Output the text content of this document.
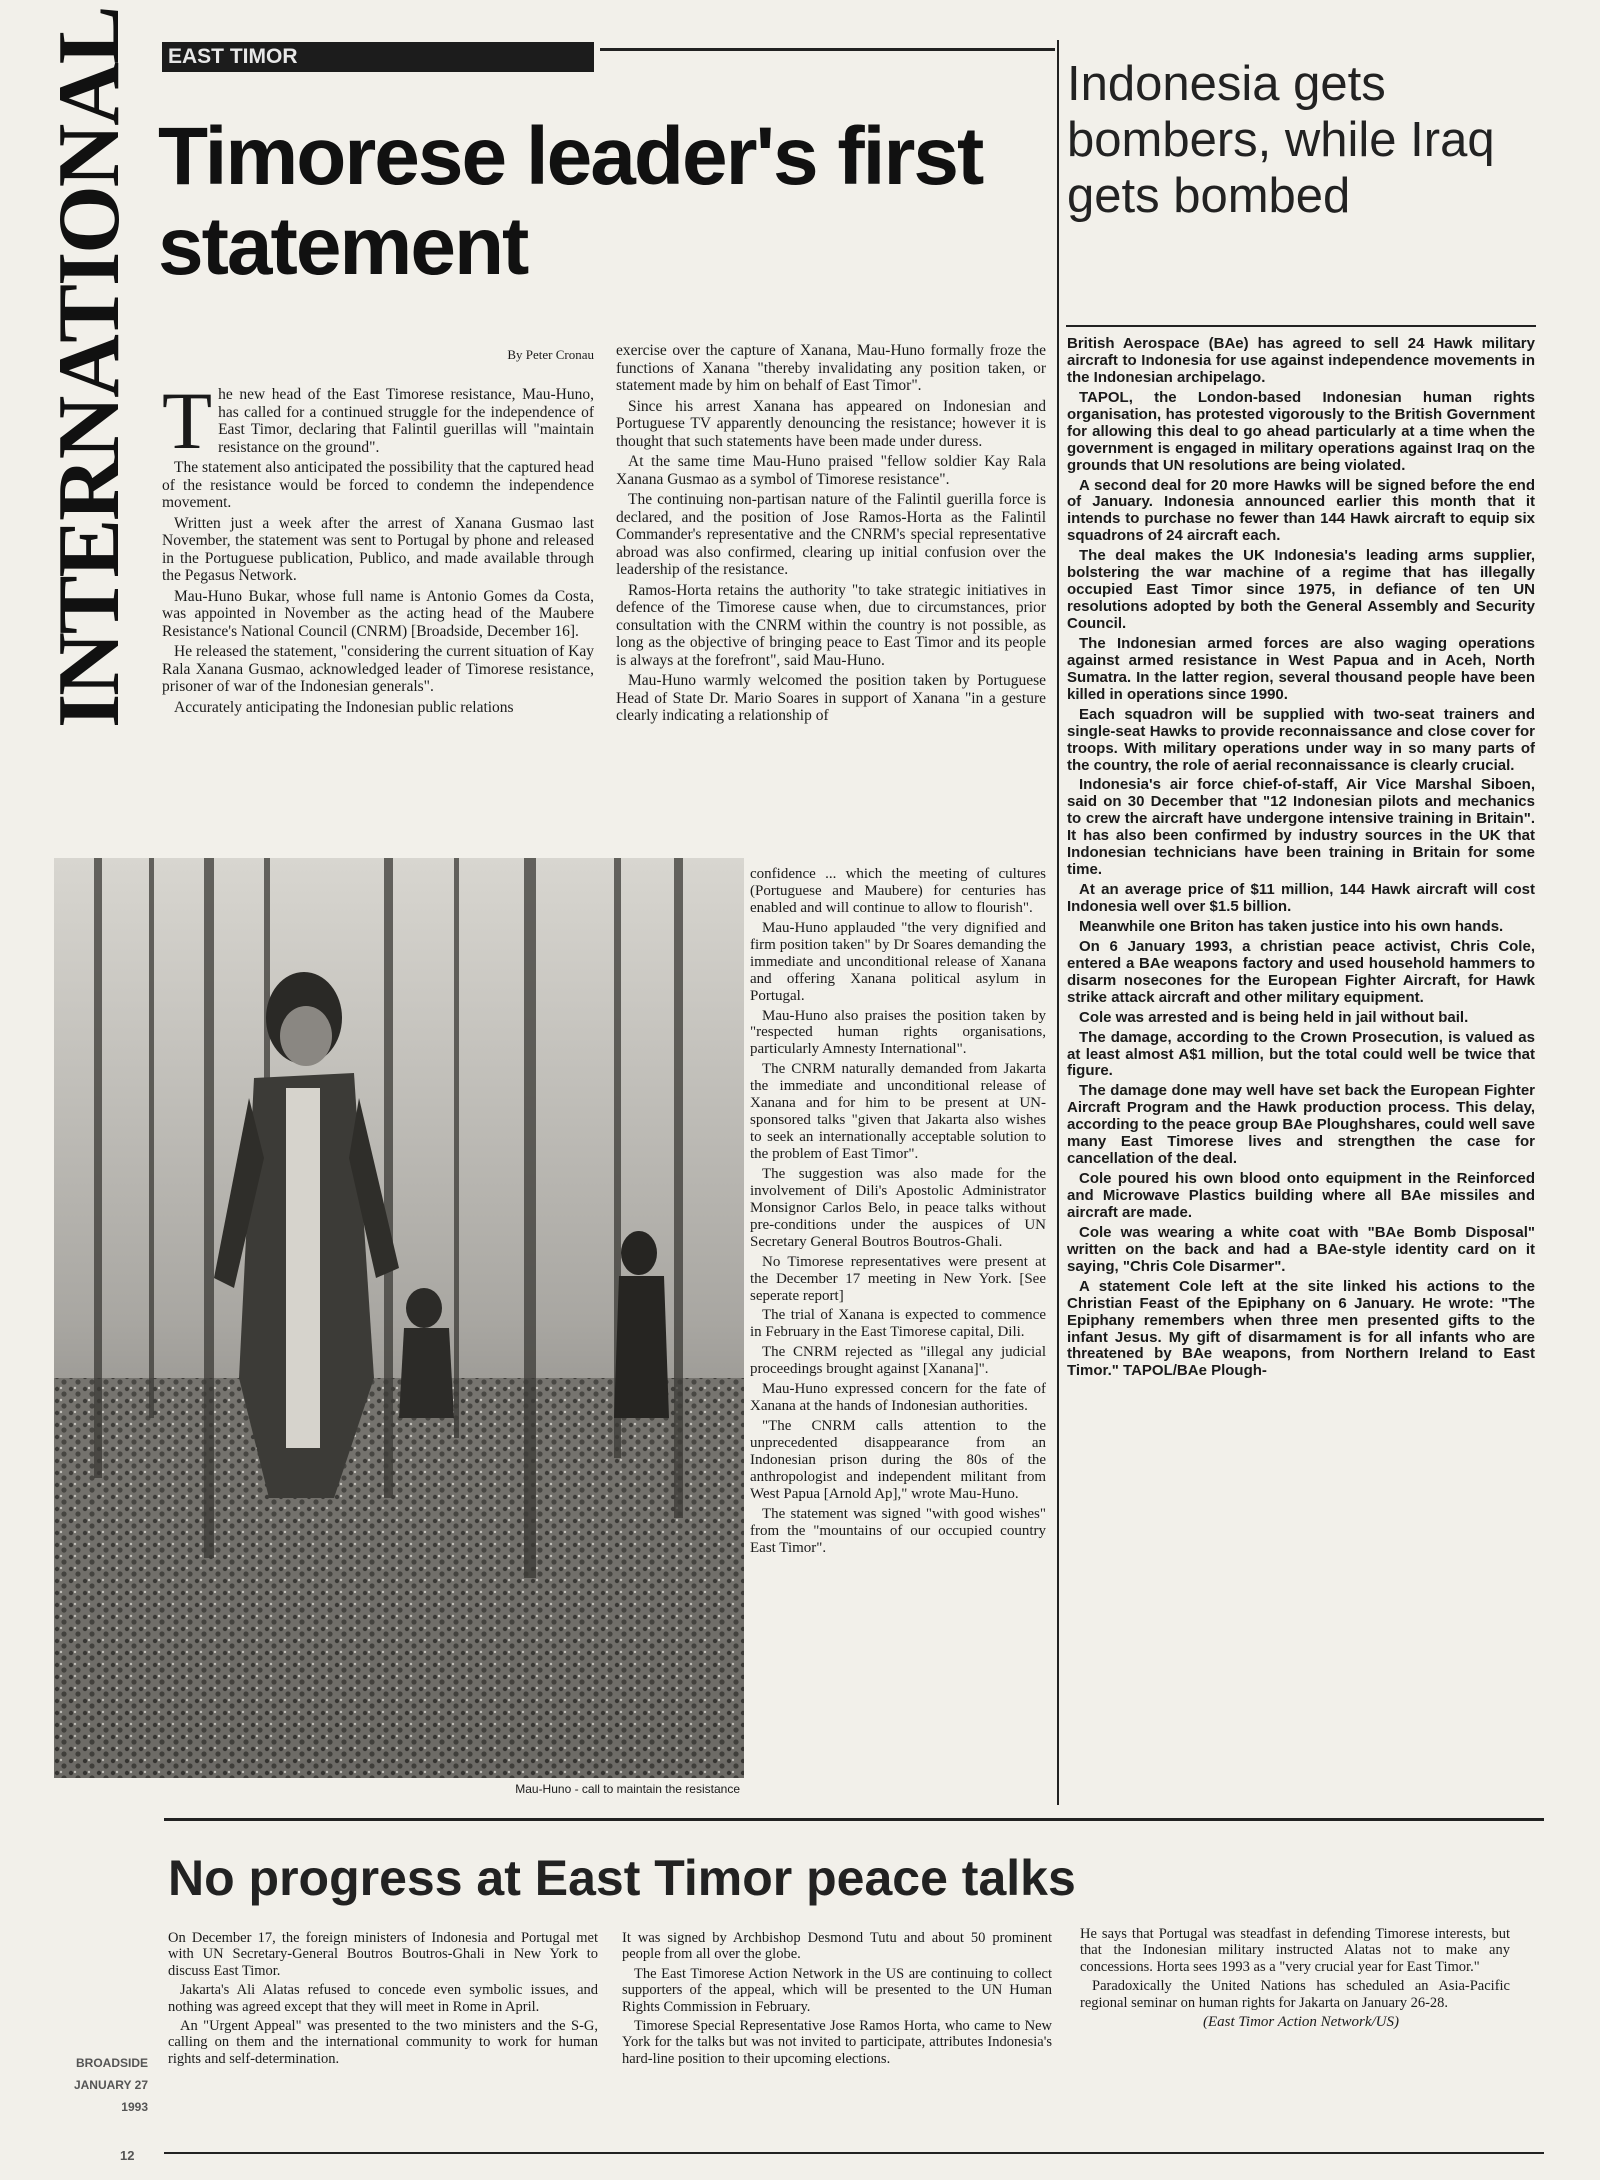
INTERNATIONAL EAST TIMOR
Timorese leader's first statement
Indonesia gets bombers, while Iraq gets bombed
By Peter Cronau

The new head of the East Timorese resistance, Mau-Huno, has called for a continued struggle for the independence of East Timor, declaring that Falintil guerillas will "maintain resistance on the ground".

The statement also anticipated the possibility that the captured head of the resistance would be forced to condemn the independence movement.

Written just a week after the arrest of Xanana Gusmao last November, the statement was sent to Portugal by phone and released in the Portuguese publication, Publico, and made available through the Pegasus Network.

Mau-Huno Bukar, whose full name is Antonio Gomes da Costa, was appointed in November as the acting head of the Maubere Resistance's National Council (CNRM) [Broadside, December 16].

He released the statement, "considering the current situation of Kay Rala Xanana Gusmao, acknowledged leader of Timorese resistance, prisoner of war of the Indonesian generals".

Accurately anticipating the Indonesian public relations

exercise over the capture of Xanana, Mau-Huno formally froze the functions of Xanana "thereby invalidating any position taken, or statement made by him on behalf of East Timor".

Since his arrest Xanana has appeared on Indonesian and Portuguese TV apparently denouncing the resistance; however it is thought that such statements have been made under duress.

At the same time Mau-Huno praised "fellow soldier Kay Rala Xanana Gusmao as a symbol of Timorese resistance".

The continuing non-partisan nature of the Falintil guerilla force is declared, and the position of Jose Ramos-Horta as the Falintil Commander's representative and the CNRM's special representative abroad was also confirmed, clearing up initial confusion over the leadership of the resistance.

Ramos-Horta retains the authority "to take strategic initiatives in defence of the Timorese cause when, due to circumstances, prior consultation with the CNRM within the country is not possible, as long as the objective of bringing peace to East Timor and its people is always at the forefront", said Mau-Huno.

Mau-Huno warmly welcomed the position taken by Portuguese Head of State Dr. Mario Soares in support of Xanana "in a gesture clearly indicating a relationship of

confidence ... which the meeting of cultures (Portuguese and Maubere) for centuries has enabled and will continue to allow to flourish".

Mau-Huno applauded "the very dignified and firm position taken" by Dr Soares demanding the immediate and unconditional release of Xanana and offering Xanana political asylum in Portugal.

Mau-Huno also praises the position taken by "respected human rights organisations, particularly Amnesty International".

The CNRM naturally demanded from Jakarta the immediate and unconditional release of Xanana and for him to be present at UN-sponsored talks "given that Jakarta also wishes to seek an internationally acceptable solution to the problem of East Timor".

The suggestion was also made for the involvement of Dili's Apostolic Administrator Monsignor Carlos Belo, in peace talks without pre-conditions under the auspices of UN Secretary General Boutros Boutros-Ghali.

No Timorese representatives were present at the December 17 meeting in New York. [See seperate report]

The trial of Xanana is expected to commence in February in the East Timorese capital, Dili.

The CNRM rejected as "illegal any judicial proceedings brought against [Xanana]".

Mau-Huno expressed concern for the fate of Xanana at the hands of Indonesian authorities.

"The CNRM calls attention to the unprecedented disappearance from an Indonesian prison during the 80s of the anthropologist and independent militant from West Papua [Arnold Ap]," wrote Mau-Huno.

The statement was signed "with good wishes" from the "mountains of our occupied country East Timor".

Mau-Huno - call to maintain the resistance

British Aerospace (BAe) has agreed to sell 24 Hawk military aircraft to Indonesia for use against independence movements in the Indonesian archipelago.

TAPOL, the London-based Indonesian human rights organisation, has protested vigorously to the British Government for allowing this deal to go ahead particularly at a time when the government is engaged in military operations against Iraq on the grounds that UN resolutions are being violated.

A second deal for 20 more Hawks will be signed before the end of January. Indonesia announced earlier this month that it intends to purchase no fewer than 144 Hawk aircraft to equip six squadrons of 24 aircraft each.

The deal makes the UK Indonesia's leading arms supplier, bolstering the war machine of a regime that has illegally occupied East Timor since 1975, in defiance of ten UN resolutions adopted by both the General Assembly and Security Council.

The Indonesian armed forces are also waging operations against armed resistance in West Papua and in Aceh, North Sumatra. In the latter region, several thousand people have been killed in operations since 1990.

Each squadron will be supplied with two-seat trainers and single-seat Hawks to provide reconnaissance and close cover for troops. With military operations under way in so many parts of the country, the role of aerial reconnaissance is clearly crucial.

Indonesia's air force chief-of-staff, Air Vice Marshal Siboen, said on 30 December that "12 Indonesian pilots and mechanics to crew the aircraft have undergone intensive training in Britain". It has also been confirmed by industry sources in the UK that Indonesian technicians have been training in Britain for some time.

At an average price of $11 million, 144 Hawk aircraft will cost Indonesia well over $1.5 billion.

Meanwhile one Briton has taken justice into his own hands.

On 6 January 1993, a christian peace activist, Chris Cole, entered a BAe weapons factory and used household hammers to disarm nosecones for the European Fighter Aircraft, for Hawk strike attack aircraft and other military equipment.

Cole was arrested and is being held in jail without bail.

The damage, according to the Crown Prosecution, is valued as at least almost A$1 million, but the total could well be twice that figure.

The damage done may well have set back the European Fighter Aircraft Program and the Hawk production process. This delay, according to the peace group BAe Ploughshares, could well save many East Timorese lives and strengthen the case for cancellation of the deal.

Cole poured his own blood onto equipment in the Reinforced and Microwave Plastics building where all BAe missiles and aircraft are made.

Cole was wearing a white coat with "BAe Bomb Disposal" written on the back and had a BAe-style identity card on it saying, "Chris Cole Disarmer".

A statement Cole left at the site linked his actions to the Christian Feast of the Epiphany on 6 January. He wrote: "The Epiphany remembers when three men presented gifts to the infant Jesus. My gift of disarmament is for all infants who are threatened by BAe weapons, from Northern Ireland to East Timor." TAPOL/BAe Plough-

No progress at East Timor peace talks

On December 17, the foreign ministers of Indonesia and Portugal met with UN Secretary-General Boutros Boutros-Ghali in New York to discuss East Timor.

Jakarta's Ali Alatas refused to concede even symbolic issues, and nothing was agreed except that they will meet in Rome in April.

An "Urgent Appeal" was presented to the two ministers and the S-G, calling on them and the international community to work for human rights and self-determination.

It was signed by Archbishop Desmond Tutu and about 50 prominent people from all over the globe.

The East Timorese Action Network in the US are continuing to collect supporters of the appeal, which will be presented to the UN Human Rights Commission in February.

Timorese Special Representative Jose Ramos Horta, who came to New York for the talks but was not invited to participate, attributes Indonesia's hard-line position to their upcoming elections.

He says that Portugal was steadfast in defending Timorese interests, but that the Indonesian military instructed Alatas not to make any concessions. Horta sees 1993 as a "very crucial year for East Timor."

Paradoxically the United Nations has scheduled an Asia-Pacific regional seminar on human rights for Jakarta on January 26-28.

(East Timor Action Network/US)

BROADSIDE
JANUARY 27
1993
12
